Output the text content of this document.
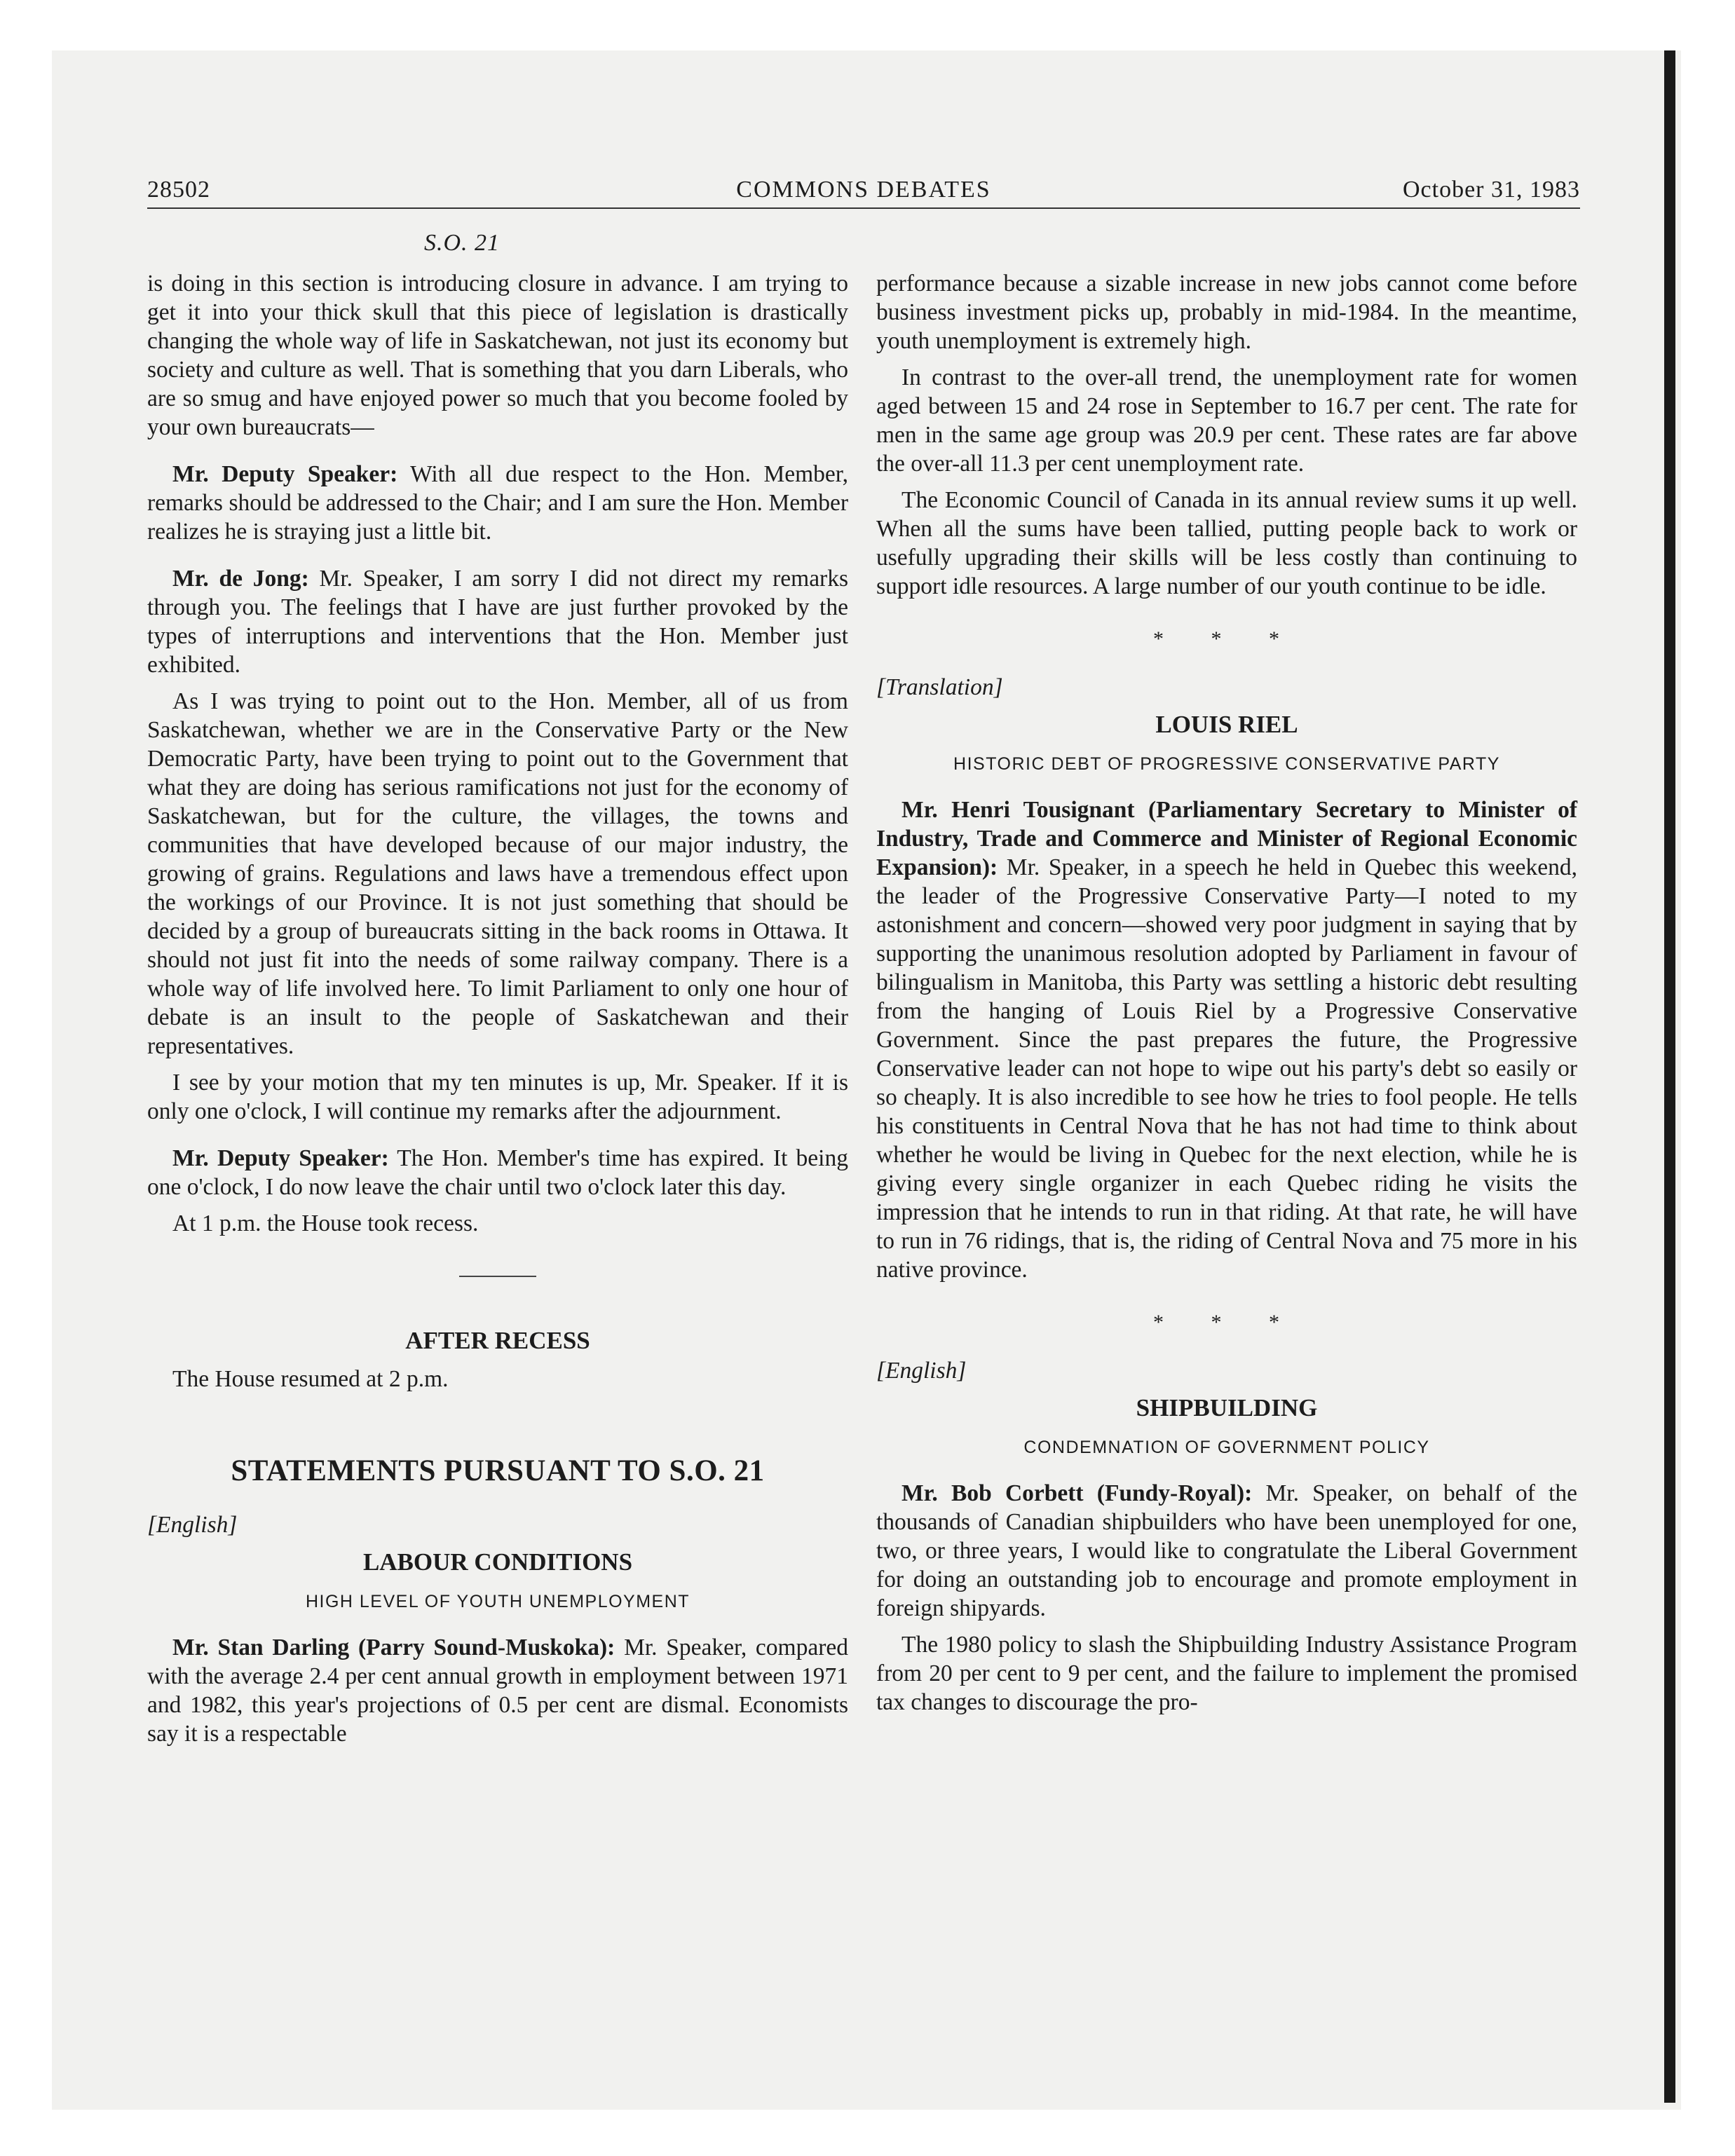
28502	COMMONS DEBATES	October 31, 1983
S.O. 21

is doing in this section is introducing closure in advance. I am trying to get it into your thick skull that this piece of legislation is drastically changing the whole way of life in Saskatchewan, not just its economy but society and culture as well. That is something that you darn Liberals, who are so smug and have enjoyed power so much that you become fooled by your own bureaucrats—

Mr. Deputy Speaker: With all due respect to the Hon. Member, remarks should be addressed to the Chair; and I am sure the Hon. Member realizes he is straying just a little bit.

Mr. de Jong: Mr. Speaker, I am sorry I did not direct my remarks through you. The feelings that I have are just further provoked by the types of interruptions and interventions that the Hon. Member just exhibited.

As I was trying to point out to the Hon. Member, all of us from Saskatchewan, whether we are in the Conservative Party or the New Democratic Party, have been trying to point out to the Government that what they are doing has serious ramifications not just for the economy of Saskatchewan, but for the culture, the villages, the towns and communities that have developed because of our major industry, the growing of grains. Regulations and laws have a tremendous effect upon the workings of our Province. It is not just something that should be decided by a group of bureaucrats sitting in the back rooms in Ottawa. It should not just fit into the needs of some railway company. There is a whole way of life involved here. To limit Parliament to only one hour of debate is an insult to the people of Saskatchewan and their representatives.

I see by your motion that my ten minutes is up, Mr. Speaker. If it is only one o'clock, I will continue my remarks after the adjournment.

Mr. Deputy Speaker: The Hon. Member's time has expired. It being one o'clock, I do now leave the chair until two o'clock later this day.

At 1 p.m. the House took recess.

AFTER RECESS

The House resumed at 2 p.m.

STATEMENTS PURSUANT TO S.O. 21
[English]
LABOUR CONDITIONS
HIGH LEVEL OF YOUTH UNEMPLOYMENT

Mr. Stan Darling (Parry Sound-Muskoka): Mr. Speaker, compared with the average 2.4 per cent annual growth in employment between 1971 and 1982, this year's projections of 0.5 per cent are dismal. Economists say it is a respectable

performance because a sizable increase in new jobs cannot come before business investment picks up, probably in mid-1984. In the meantime, youth unemployment is extremely high.

In contrast to the over-all trend, the unemployment rate for women aged between 15 and 24 rose in September to 16.7 per cent. The rate for men in the same age group was 20.9 per cent. These rates are far above the over-all 11.3 per cent unemployment rate.

The Economic Council of Canada in its annual review sums it up well. When all the sums have been tallied, putting people back to work or usefully upgrading their skills will be less costly than continuing to support idle resources. A large number of our youth continue to be idle.

* * *
[Translation]
LOUIS RIEL
HISTORIC DEBT OF PROGRESSIVE CONSERVATIVE PARTY

Mr. Henri Tousignant (Parliamentary Secretary to Minister of Industry, Trade and Commerce and Minister of Regional Economic Expansion): Mr. Speaker, in a speech he held in Quebec this weekend, the leader of the Progressive Conservative Party—I noted to my astonishment and concern—showed very poor judgment in saying that by supporting the unanimous resolution adopted by Parliament in favour of bilingualism in Manitoba, this Party was settling a historic debt resulting from the hanging of Louis Riel by a Progressive Conservative Government. Since the past prepares the future, the Progressive Conservative leader can not hope to wipe out his party's debt so easily or so cheaply. It is also incredible to see how he tries to fool people. He tells his constituents in Central Nova that he has not had time to think about whether he would be living in Quebec for the next election, while he is giving every single organizer in each Quebec riding he visits the impression that he intends to run in that riding. At that rate, he will have to run in 76 ridings, that is, the riding of Central Nova and 75 more in his native province.

* * *
[English]
SHIPBUILDING
CONDEMNATION OF GOVERNMENT POLICY

Mr. Bob Corbett (Fundy-Royal): Mr. Speaker, on behalf of the thousands of Canadian shipbuilders who have been unemployed for one, two, or three years, I would like to congratulate the Liberal Government for doing an outstanding job to encourage and promote employment in foreign shipyards.

The 1980 policy to slash the Shipbuilding Industry Assistance Program from 20 per cent to 9 per cent, and the failure to implement the promised tax changes to discourage the pro-
